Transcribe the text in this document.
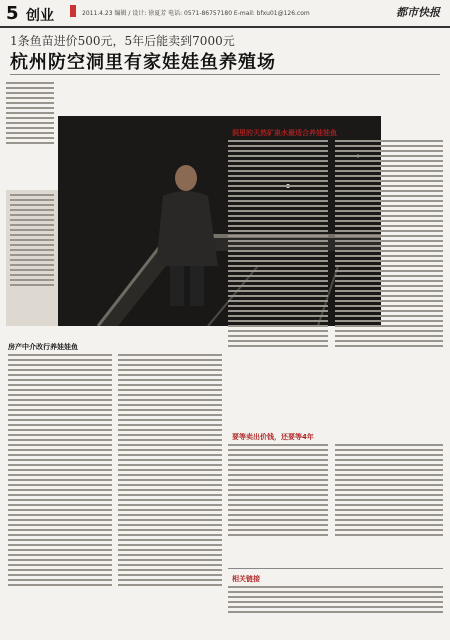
5 创业	2011.4.23 编辑 / 设计: 徐夏芳 电话: 0571-86757180 E-mail: bfxu01@126.com	都市快报
1条鱼苗进价500元，5年后能卖到7000元
杭州防空洞里有家娃娃鱼养殖场
洞里的天然矿泉水最适合养娃娃鱼
要等卖出价钱，还要等4年
房产中介改行养娃娃鱼
相关链接
